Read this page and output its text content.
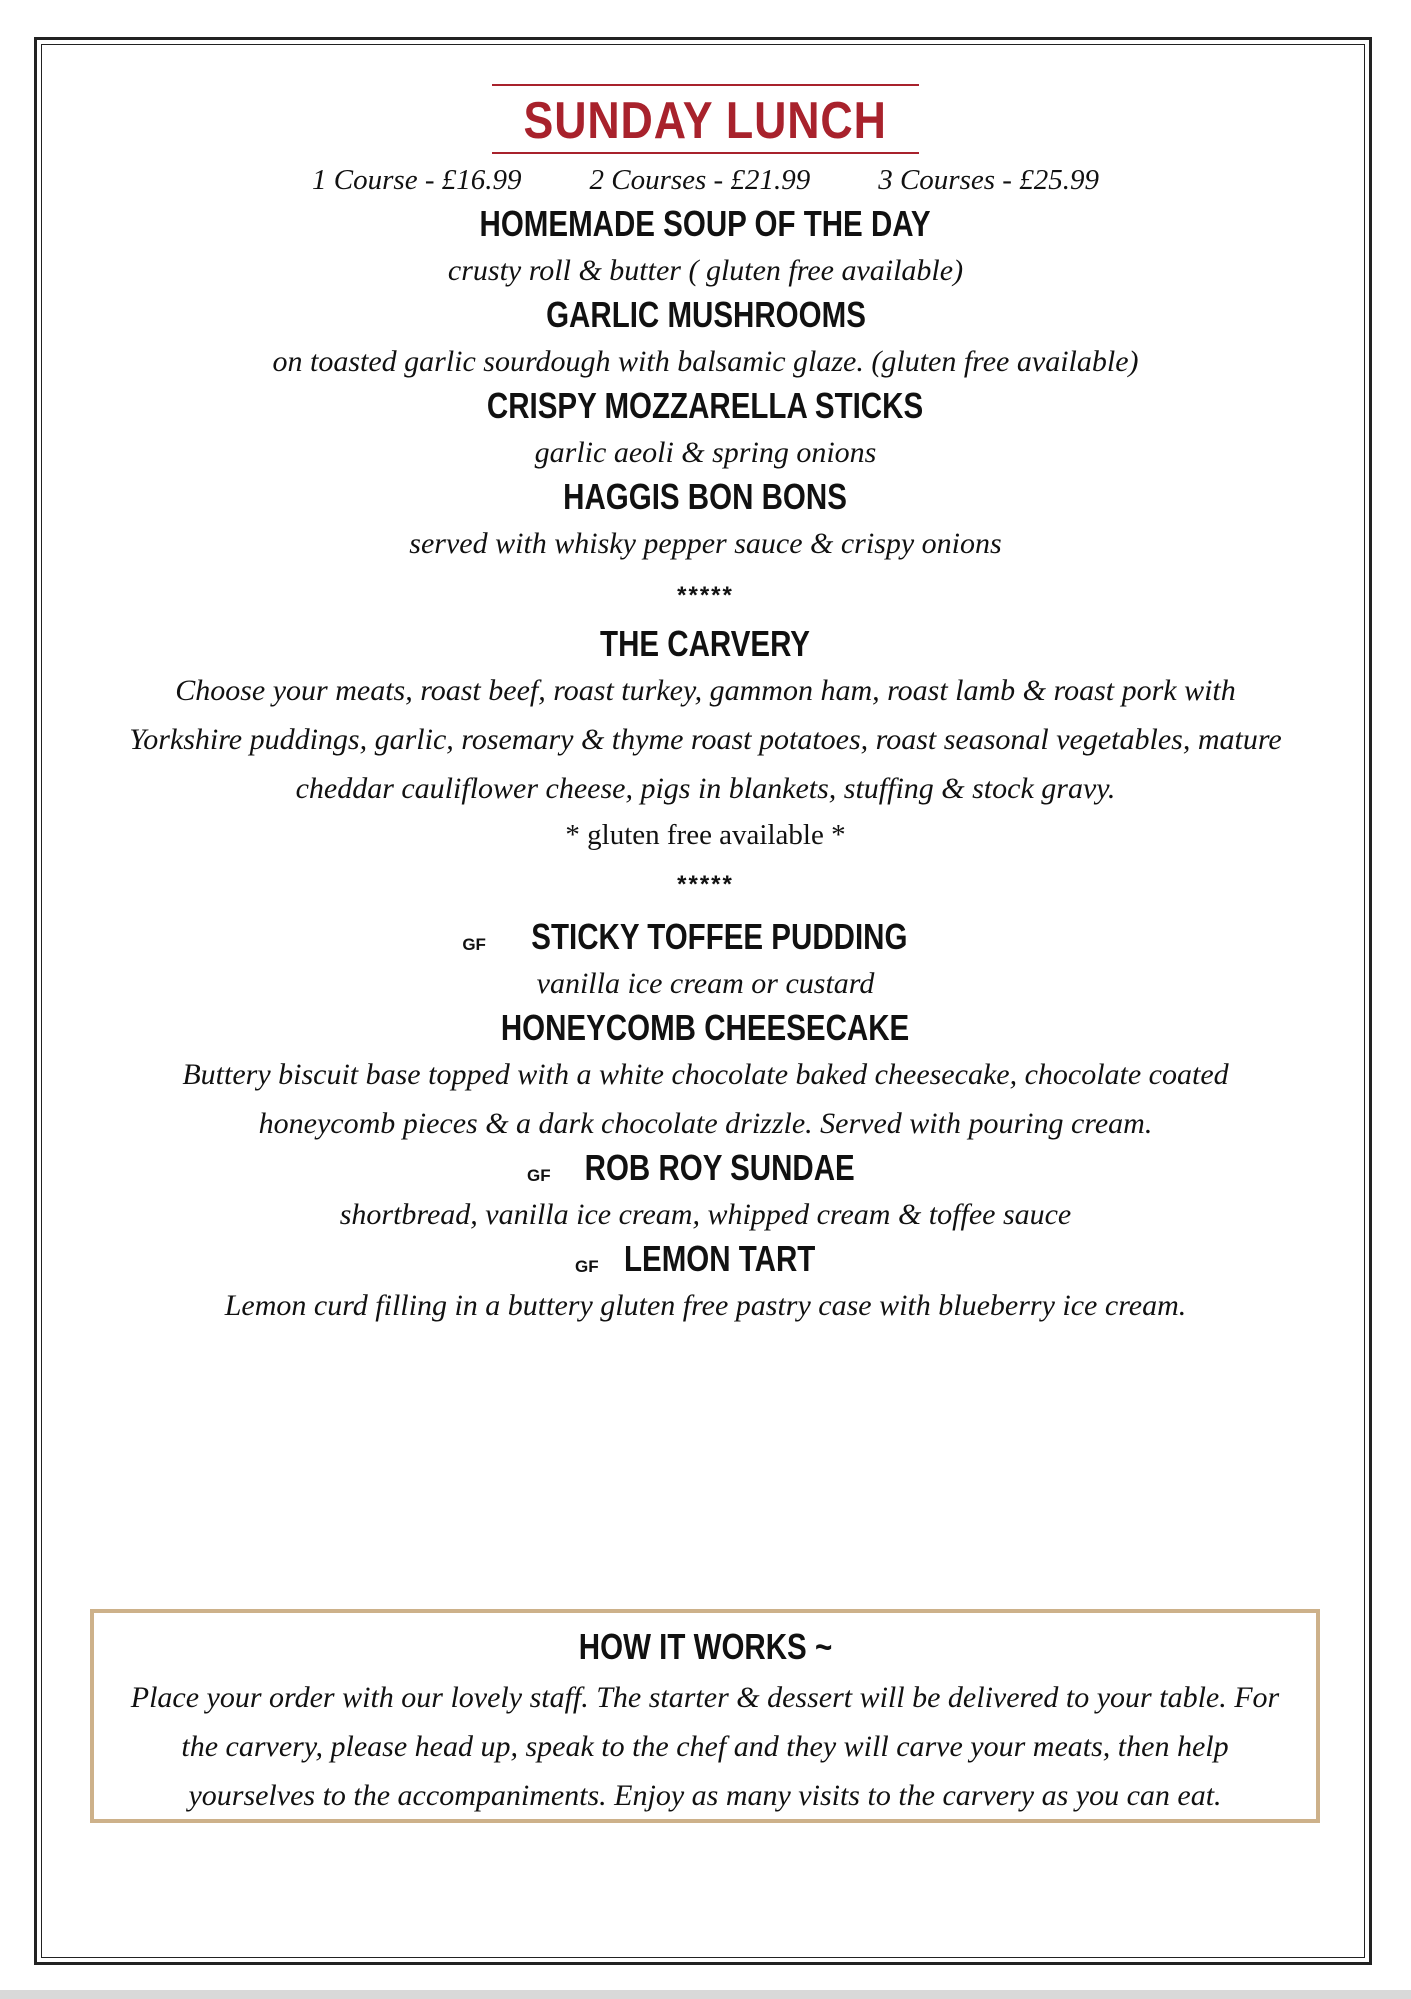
SUNDAY LUNCH
1 Course - £16.99 2 Courses - £21.99 3 Courses - £25.99
HOMEMADE SOUP OF THE DAY
crusty roll & butter ( gluten free available)
GARLIC MUSHROOMS
on toasted garlic sourdough with balsamic glaze. (gluten free available)
CRISPY MOZZARELLA STICKS
garlic aeoli & spring onions
HAGGIS BON BONS
served with whisky pepper sauce & crispy onions
*****
THE CARVERY
Choose your meats, roast beef, roast turkey, gammon ham, roast lamb & roast pork with Yorkshire puddings, garlic, rosemary & thyme roast potatoes, roast seasonal vegetables, mature cheddar cauliflower cheese, pigs in blankets, stuffing & stock gravy.
* gluten free available *
*****
GF STICKY TOFFEE PUDDING
vanilla ice cream or custard
HONEYCOMB CHEESECAKE
Buttery biscuit base topped with a white chocolate baked cheesecake, chocolate coated honeycomb pieces & a dark chocolate drizzle. Served with pouring cream.
GF ROB ROY SUNDAE
shortbread, vanilla ice cream, whipped cream & toffee sauce
GF LEMON TART
Lemon curd filling in a buttery gluten free pastry case with blueberry ice cream.
HOW IT WORKS ~
Place your order with our lovely staff. The starter & dessert will be delivered to your table. For the carvery, please head up, speak to the chef and they will carve your meats, then help yourselves to the accompaniments. Enjoy as many visits to the carvery as you can eat.
